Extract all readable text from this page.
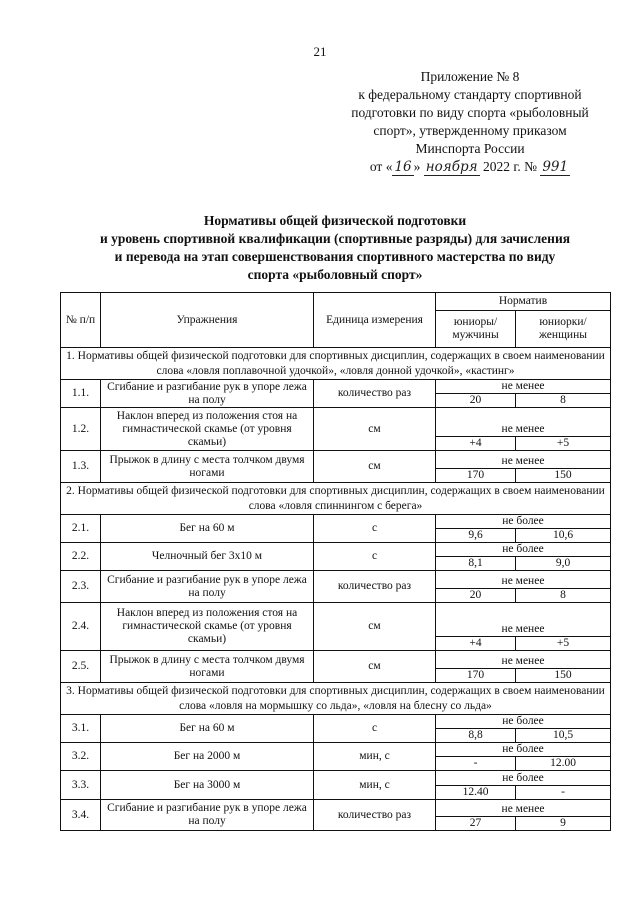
21
Приложение № 8
к федеральному стандарту спортивной
подготовки по виду спорта «рыболовный
спорт», утвержденному приказом
Минспорта России
от « 16 » ноября 2022 г. № 991
Нормативы общей физической подготовки
и уровень спортивной квалификации (спортивные разряды) для зачисления
и перевода на этап совершенствования спортивного мастерства по виду
спорта «рыболовный спорт»
№ п/п	Упражнения	Единица измерения	Норматив	
			юниоры/ мужчины	юниорки/ женщины
1. Нормативы общей физической подготовки для спортивных дисциплин, содержащих в своем наименовании слова «ловля поплавочной удочкой», «ловля донной удочкой», «кастинг»				
1.1.	Сгибание и разгибание рук в упоре лежа на полу	количество раз	не менее	
			20	8
1.2.	Наклон вперед из положения стоя на гимнастической скамье (от уровня скамьи)	см	не менее	
			+4	+5
1.3.	Прыжок в длину с места толчком двумя ногами	см	не менее	
			170	150
2. Нормативы общей физической подготовки для спортивных дисциплин, содержащих в своем наименовании слова «ловля спиннингом с берега»				
2.1.	Бег на 60 м	с	не более	
			9,6	10,6
2.2.	Челночный бег 3x10 м	с	не более	
			8,1	9,0
2.3.	Сгибание и разгибание рук в упоре лежа на полу	количество раз	не менее	
			20	8
2.4.	Наклон вперед из положения стоя на гимнастической скамье (от уровня скамьи)	см	не менее	
			+4	+5
2.5.	Прыжок в длину с места толчком двумя ногами	см	не менее	
			170	150
3. Нормативы общей физической подготовки для спортивных дисциплин, содержащих в своем наименовании слова «ловля на мормышку со льда», «ловля на блесну со льда»				
3.1.	Бег на 60 м	с	не более	
			8,8	10,5
3.2.	Бег на 2000 м	мин, с	не более	
			-	12.00
3.3.	Бег на 3000 м	мин, с	не более	
			12.40	-
3.4.	Сгибание и разгибание рук в упоре лежа на полу	количество раз	не менее	
			27	9
